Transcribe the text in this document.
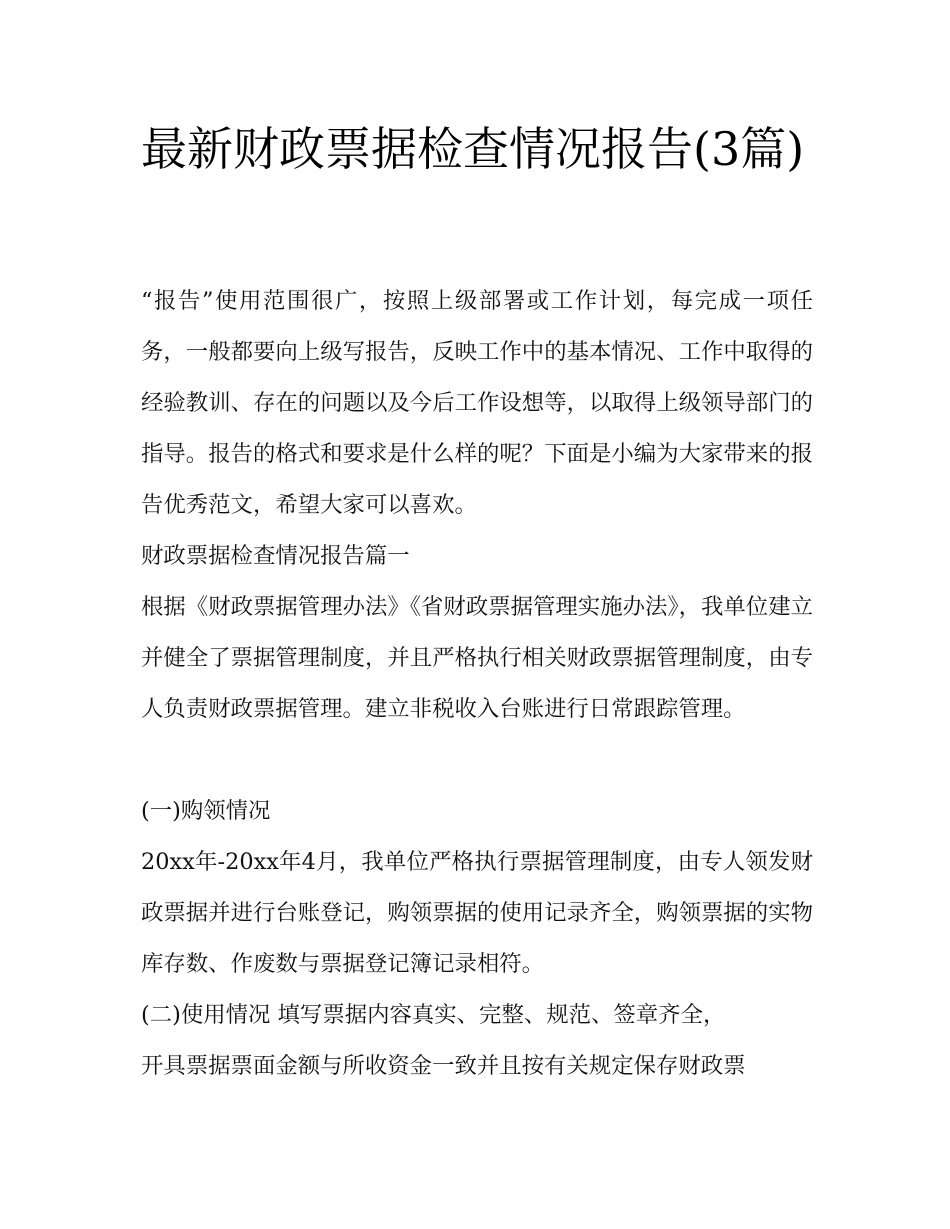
最新财政票据检查情况报告(3篇)

“报告”使用范围很广，按照上级部署或工作计划，每完成一项任务，一般都要向上级写报告，反映工作中的基本情况、工作中取得的经验教训、存在的问题以及今后工作设想等，以取得上级领导部门的指导。报告的格式和要求是什么样的呢？下面是小编为大家带来的报告优秀范文，希望大家可以喜欢。

财政票据检查情况报告篇一

根据《财政票据管理办法》《省财政票据管理实施办法》，我单位建立并健全了票据管理制度，并且严格执行相关财政票据管理制度，由专人负责财政票据管理。建立非税收入台账进行日常跟踪管理。

(一)购领情况

20xx年-20xx年4月，我单位严格执行票据管理制度，由专人领发财政票据并进行台账登记，购领票据的使用记录齐全，购领票据的实物库存数、作废数与票据登记簿记录相符。

(二)使用情况 填写票据内容真实、完整、规范、签章齐全，

开具票据票面金额与所收资金一致并且按有关规定保存财政票
